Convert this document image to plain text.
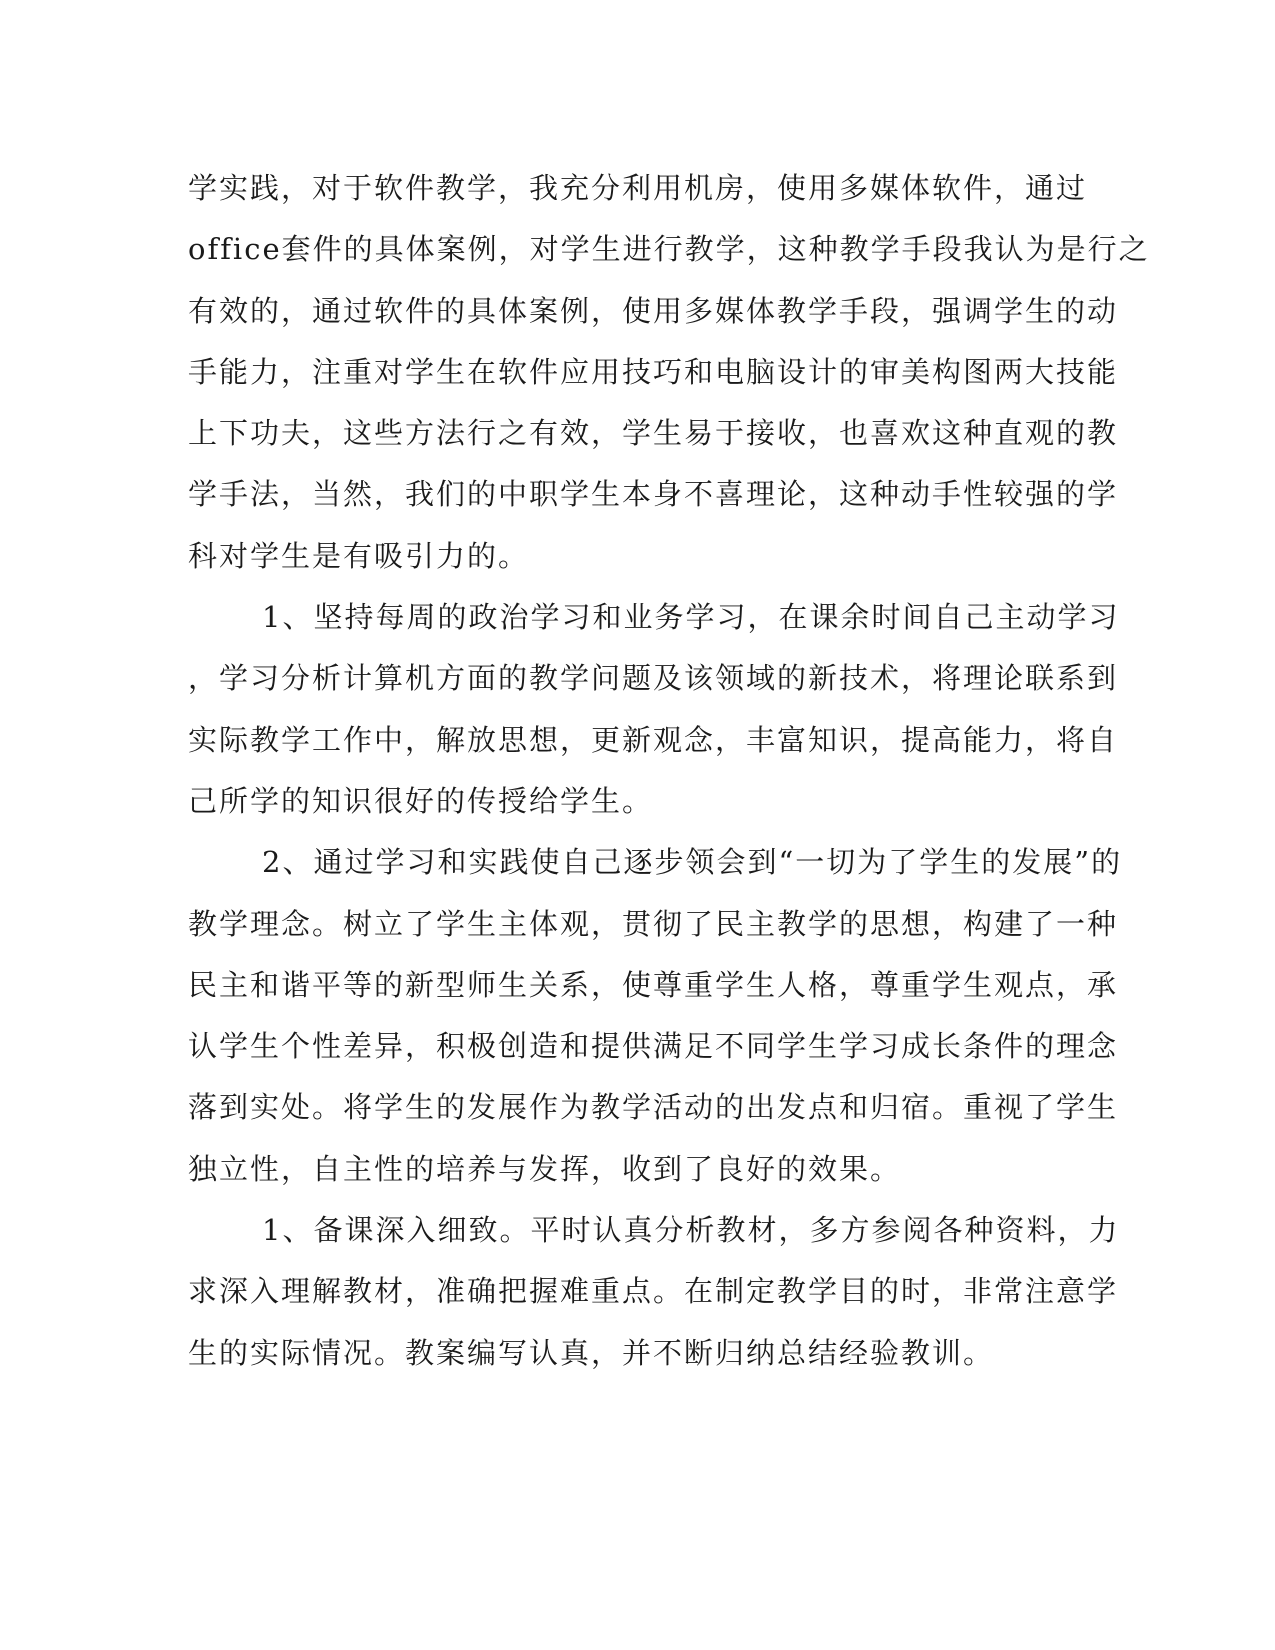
学实践，对于软件教学，我充分利用机房，使用多媒体软件，通过
office套件的具体案例，对学生进行教学，这种教学手段我认为是行之
有效的，通过软件的具体案例，使用多媒体教学手段，强调学生的动
手能力，注重对学生在软件应用技巧和电脑设计的审美构图两大技能
上下功夫，这些方法行之有效，学生易于接收，也喜欢这种直观的教
学手法，当然，我们的中职学生本身不喜理论，这种动手性较强的学
科对学生是有吸引力的。

1、坚持每周的政治学习和业务学习，在课余时间自己主动学习
，学习分析计算机方面的教学问题及该领域的新技术，将理论联系到
实际教学工作中，解放思想，更新观念，丰富知识，提高能力，将自
己所学的知识很好的传授给学生。

2、通过学习和实践使自己逐步领会到“一切为了学生的发展”的
教学理念。树立了学生主体观，贯彻了民主教学的思想，构建了一种
民主和谐平等的新型师生关系，使尊重学生人格，尊重学生观点，承
认学生个性差异，积极创造和提供满足不同学生学习成长条件的理念
落到实处。将学生的发展作为教学活动的出发点和归宿。重视了学生
独立性，自主性的培养与发挥，收到了良好的效果。

1、备课深入细致。平时认真分析教材，多方参阅各种资料，力
求深入理解教材，准确把握难重点。在制定教学目的时，非常注意学
生的实际情况。教案编写认真，并不断归纳总结经验教训。
